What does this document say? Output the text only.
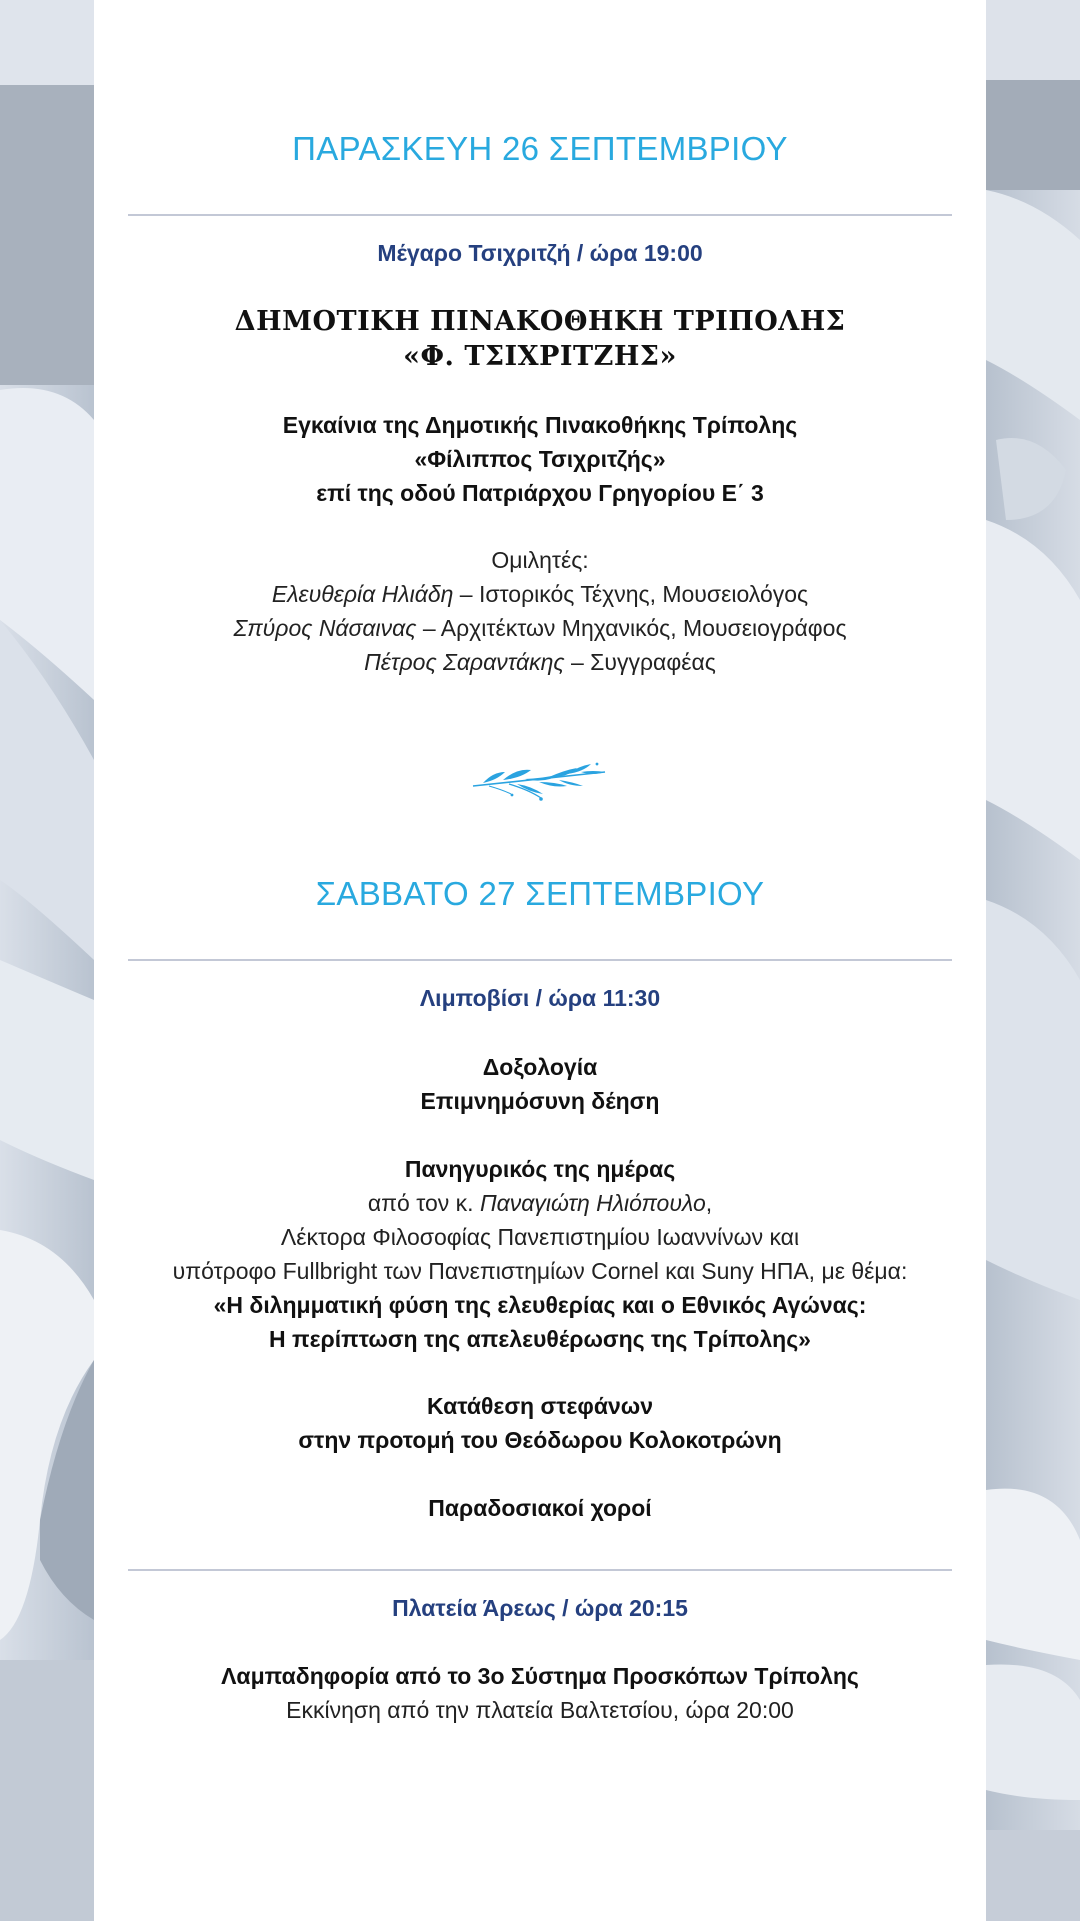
ΠΑΡΑΣΚΕΥΗ 26 ΣΕΠΤΕΜΒΡΙΟΥ

Μέγαρο Τσιχριτζή / ώρα 19:00

ΔΗΜΟΤΙΚΗ ΠΙΝΑΚΟΘΗΚΗ ΤΡΙΠΟΛΗΣ
«Φ. ΤΣΙΧΡΙΤΖΗΣ»
Εγκαίνια της Δημοτικής Πινακοθήκης Τρίπολης
«Φίλιππος Τσιχριτζής»
επί της οδού Πατριάρχου Γρηγορίου Ε΄ 3
Ομιλητές:
Ελευθερία Ηλιάδη – Ιστορικός Τέχνης, Μουσειολόγος
Σπύρος Νάσαινας – Αρχιτέκτων Μηχανικός, Μουσειογράφος
Πέτρος Σαραντάκης – Συγγραφέας
ΣΑΒΒΑΤΟ 27 ΣΕΠΤΕΜΒΡΙΟΥ

Λιμποβίσι / ώρα 11:30

Δοξολογία
Επιμνημόσυνη δέηση
Πανηγυρικός της ημέρας
από τον κ. Παναγιώτη Ηλιόπουλο,
Λέκτορα Φιλοσοφίας Πανεπιστημίου Ιωαννίνων και
υπότροφο Fullbright των Πανεπιστημίων Cornel και Suny ΗΠΑ, με θέμα:
«Η διλημματική φύση της ελευθερίας και ο Εθνικός Αγώνας:
Η περίπτωση της απελευθέρωσης της Τρίπολης»
Κατάθεση στεφάνων
στην προτομή του Θεόδωρου Κολοκοτρώνη
Παραδοσιακοί χοροί

Πλατεία Άρεως / ώρα 20:15

Λαμπαδηφορία από το 3ο Σύστημα Προσκόπων Τρίπολης
Εκκίνηση από την πλατεία Βαλτετσίου, ώρα 20:00
